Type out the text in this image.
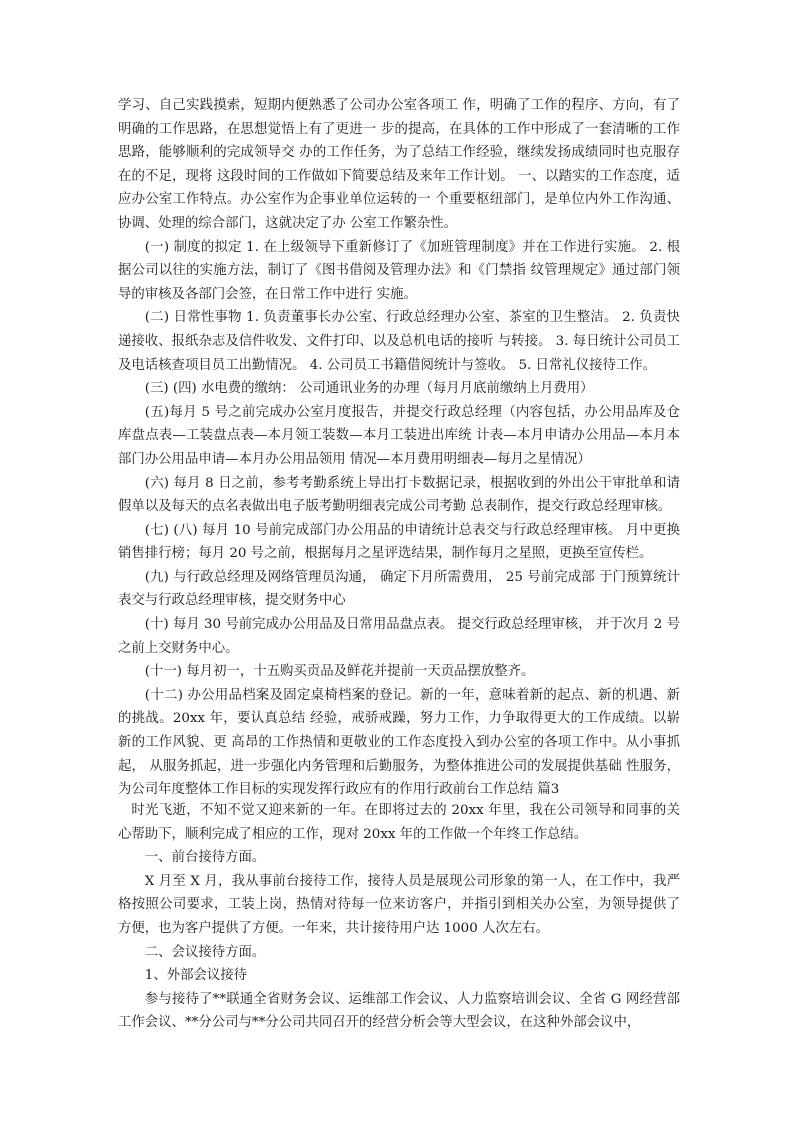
学习、自己实践摸索，短期内便熟悉了公司办公室各项工 作，明确了工作的程序、方向，有了明确的工作思路，在思想觉悟上有了更进一 步的提高，在具体的工作中形成了一套清晰的工作思路，能够顺利的完成领导交 办的工作任务，为了总结工作经验，继续发扬成绩同时也克服存在的不足，现将 这段时间的工作做如下简要总结及来年工作计划。 一、以踏实的工作态度，适应办公室工作特点。办公室作为企事业单位运转的一 个重要枢纽部门，是单位内外工作沟通、协调、处理的综合部门，这就决定了办 公室工作繁杂性。

(一) 制度的拟定 1. 在上级领导下重新修订了《加班管理制度》并在工作进行实施。 2. 根据公司以往的实施方法，制订了《图书借阅及管理办法》和《门禁指 纹管理规定》通过部门领导的审核及各部门会签，在日常工作中进行 实施。

(二) 日常性事物 1. 负责董事长办公室、行政总经理办公室、茶室的卫生整洁。 2. 负责快递接收、报纸杂志及信件收发、文件打印、以及总机电话的接听 与转接。 3. 每日统计公司员工及电话核查项目员工出勤情况。 4. 公司员工书籍借阅统计与签收。 5. 日常礼仪接待工作。

(三) (四) 水电费的缴纳： 公司通讯业务的办理（每月月底前缴纳上月费用）

(五)每月 5 号之前完成办公室月度报告，并提交行政总经理（内容包括，办公用品库及仓库盘点表—工装盘点表—本月领工装数—本月工装进出库统 计表—本月申请办公用品—本月本部门办公用品申请—本月办公用品领用 情况—本月费用明细表—每月之星情况）

(六) 每月 8 日之前，参考考勤系统上导出打卡数据记录，根据收到的外出公干审批单和请假单以及每天的点名表做出电子版考勤明细表完成公司考勤 总表制作，提交行政总经理审核。

(七) (八) 每月 10 号前完成部门办公用品的申请统计总表交与行政总经理审核。 月中更换销售排行榜；每月 20 号之前，根据每月之星评选结果，制作每月之星照，更换至宣传栏。

(九) 与行政总经理及网络管理员沟通， 确定下月所需费用， 25 号前完成部 于门预算统计表交与行政总经理审核，提交财务中心

(十) 每月 30 号前完成办公用品及日常用品盘点表。 提交行政总经理审核， 并于次月 2 号之前上交财务中心。

(十一) 每月初一，十五购买贡品及鲜花并提前一天贡品摆放整齐。

(十二) 办公用品档案及固定桌椅档案的登记。新的一年，意味着新的起点、新的机遇、新的挑战。20xx 年，要认真总结 经验，戒骄戒躁，努力工作，力争取得更大的工作成绩。以崭新的工作风貌、更 高昂的工作热情和更敬业的工作态度投入到办公室的各项工作中。从小事抓起， 从服务抓起，进一步强化内务管理和后勤服务，为整体推进公司的发展提供基础 性服务，为公司年度整体工作目标的实现发挥行政应有的作用行政前台工作总结 篇3

时光飞逝，不知不觉又迎来新的一年。在即将过去的 20xx 年里，我在公司领导和同事的关心帮助下，顺利完成了相应的工作，现对 20xx 年的工作做一个年终工作总结。

一、前台接待方面。

X 月至 X 月，我从事前台接待工作，接待人员是展现公司形象的第一人，在工作中，我严格按照公司要求，工装上岗，热情对待每一位来访客户，并指引到相关办公室，为领导提供了方便，也为客户提供了方便。一年来，共计接待用户达 1000 人次左右。

二、会议接待方面。

1、外部会议接待

参与接待了**联通全省财务会议、运维部工作会议、人力监察培训会议、全省 G 网经营部工作会议、**分公司与**分公司共同召开的经营分析会等大型会议，在这种外部会议中，
